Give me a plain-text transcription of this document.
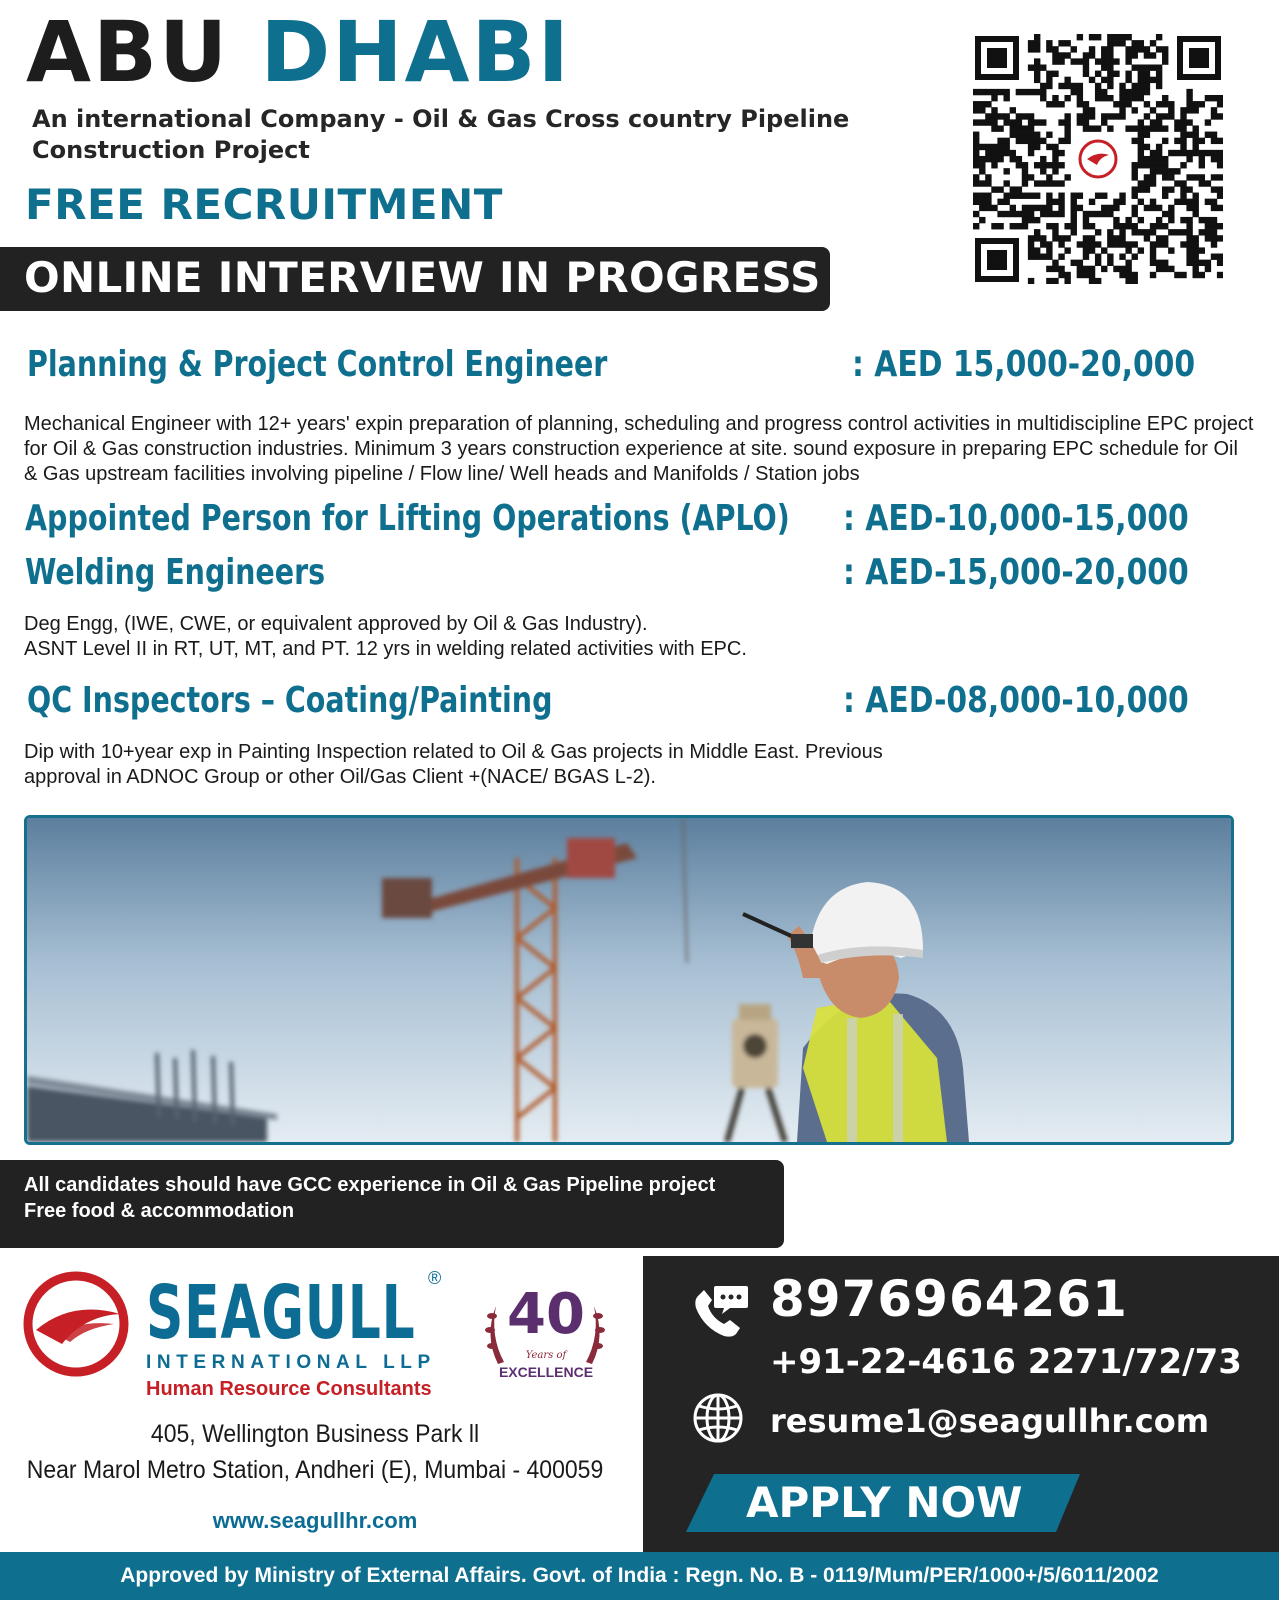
ABU DHABI
An international Company - Oil & Gas Cross country Pipeline Construction Project
FREE RECRUITMENT
ONLINE INTERVIEW IN PROGRESS
Planning & Project Control Engineer	: AED 15,000-20,000
Mechanical Engineer with 12+ years' expin preparation of planning, scheduling and progress control activities in multidiscipline EPC project for Oil & Gas construction industries. Minimum 3 years construction experience at site. sound exposure in preparing EPC schedule for Oil & Gas upstream facilities involving pipeline / Flow line/ Well heads and Manifolds / Station jobs
Appointed Person for Lifting Operations (APLO) : AED-10,000-15,000
Welding Engineers	: AED-15,000-20,000
Deg Engg, (IWE, CWE, or equivalent approved by Oil & Gas Industry).
ASNT Level II in RT, UT, MT, and PT. 12 yrs in welding related activities with EPC.
QC Inspectors – Coating/Painting	: AED-08,000-10,000
Dip with 10+year exp in Painting Inspection related to Oil & Gas projects in Middle East. Previous
approval in ADNOC Group or other Oil/Gas Client +(NACE/ BGAS L-2).
All candidates should have GCC experience in Oil & Gas Pipeline project
Free food & accommodation
SEAGULL ®
INTERNATIONAL LLP
Human Resource Consultants
40
Years of
EXCELLENCE
405, Wellington Business Park ll
Near Marol Metro Station, Andheri (E), Mumbai - 400059
www.seagullhr.com
8976964261
+91-22-4616 2271/72/73
resume1@seagullhr.com
APPLY NOW
Approved by Ministry of External Affairs. Govt. of India : Regn. No. B - 0119/Mum/PER/1000+/5/6011/2002
